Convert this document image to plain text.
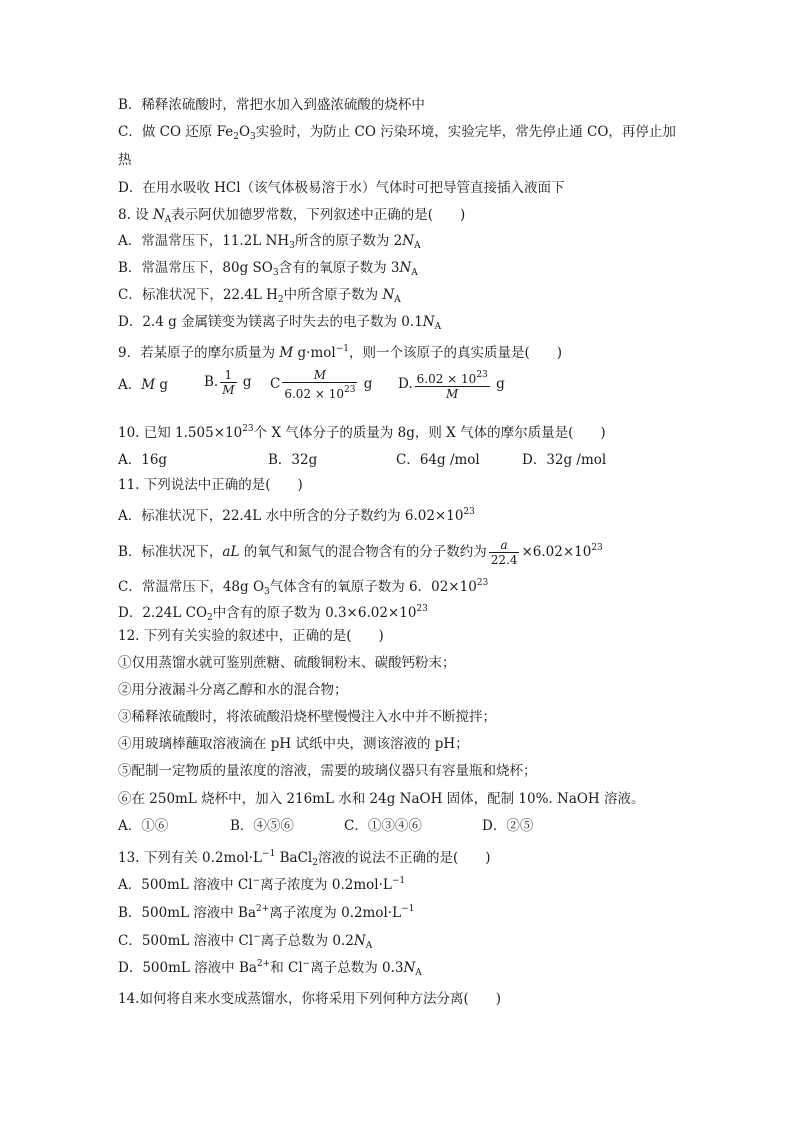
B．稀释浓硫酸时，常把水加入到盛浓硫酸的烧杯中
C．做 CO 还原 $Fe_2O_3$实验时，为防止 CO 污染环境，实验完毕，常先停止通 CO，再停止加
热
D．在用水吸收 HCl（该气体极易溶于水）气体时可把导管直接插入液面下
8. 设 $N_A$表示阿伏加德罗常数，下列叙述中正确的是(　　)
A．常温常压下，11.2L $NH_3$所含的原子数为 $2N_A$
B．常温常压下，80g $SO_3$含有的氧原子数为 $3N_A$
C．标准状况下，22.4L $H_2$中所含原子数为 $N_A$
D．2.4 g 金属镁变为镁离子时失去的电子数为 $0.1N_A$
9．若某原子的摩尔质量为 M g·mol$^{-1}$，则一个该原子的真实质量是(　　)
A．M g	B. $\frac{1}{M}$ g C $\frac{M}{6.02 \times 10^{23}}$ g D. $\frac{6.02 \times 10^{23}}{M}$ g
10. 已知 $1.505\times 10^{23}$个 X 气体分子的质量为 8g，则 X 气体的摩尔质量是(　　)
A．16g	B．32g	C．64g /mol	D．32g /mol
11. 下列说法中正确的是(　　)
A．标准状况下，22.4L 水中所含的分子数约为 $6.02\times 10^{23}$
B．标准状况下，aL 的氧气和氮气的混合物含有的分子数约为 $\frac{a}{22.4} \times 6.02\times 10^{23}$
C．常温常压下，48g $O_3$气体含有的氧原子数为 6．$02\times 10^{23}$
D．2.24L $CO_2$中含有的原子数为 $0.3\times 6.02\times 10^{23}$
12. 下列有关实验的叙述中，正确的是(　　)
①仅用蒸馏水就可鉴别蔗糖、硫酸铜粉末、碳酸钙粉末；
②用分液漏斗分离乙醇和水的混合物；
③稀释浓硫酸时，将浓硫酸沿烧杯壁慢慢注入水中并不断搅拌；
④用玻璃棒蘸取溶液滴在 pH 试纸中央，测该溶液的 pH；
⑤配制一定物质的量浓度的溶液，需要的玻璃仪器只有容量瓶和烧杯；
⑥在 250mL 烧杯中，加入 216mL 水和 24g NaOH 固体，配制 10%. NaOH 溶液。
A．①⑥	B．④⑤⑥	C．①③④⑥	D．②⑤
13. 下列有关 $0.2mol\cdot L^{-1}$ BaCl$_2$溶液的说法不正确的是(　　)
A．500mL 溶液中 Cl−离子浓度为 $0.2mol\cdot L^{-1}$
B．500mL 溶液中 $Ba^{2+}$离子浓度为 $0.2mol\cdot L^{-1}$
C．500mL 溶液中 Cl−离子总数为 $0.2N_A$
D．500mL 溶液中 $Ba^{2+}$和 Cl−离子总数为 $0.3N_A$
14.如何将自来水变成蒸馏水，你将采用下列何种方法分离(　　)
